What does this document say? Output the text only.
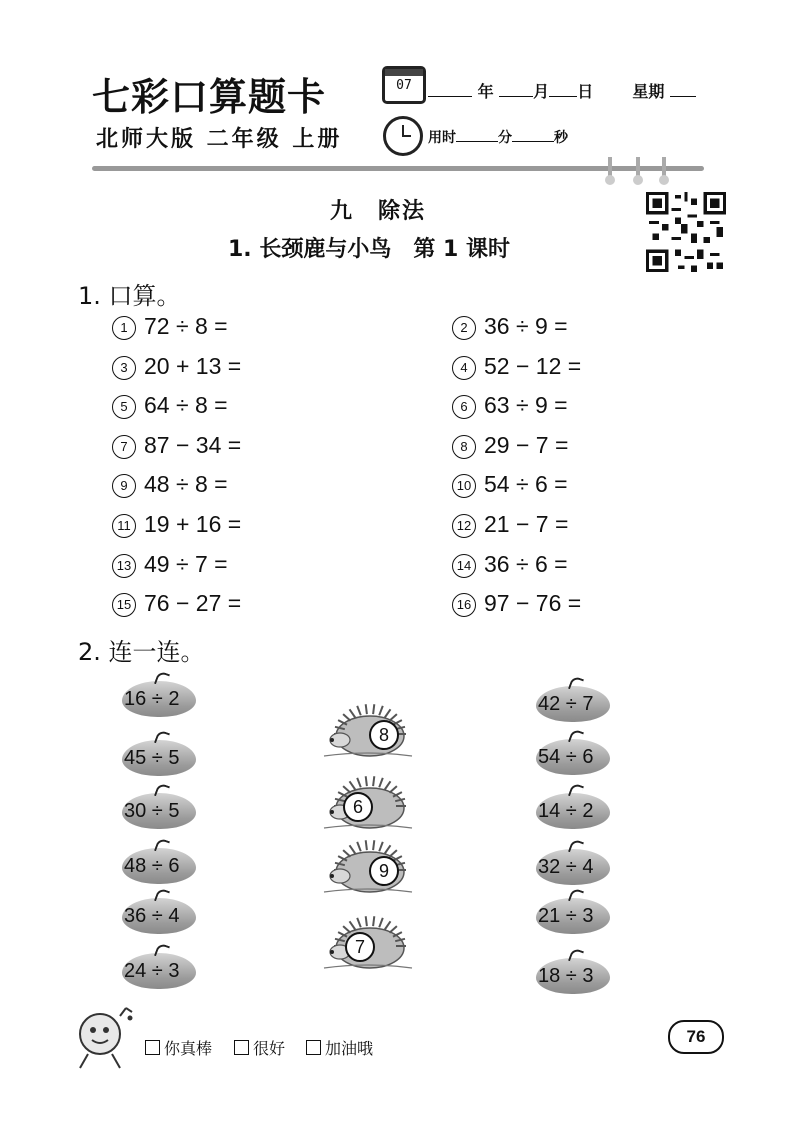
七彩口算题卡
北师大版 二年级 上册
07	年 月 日 星期
用时	分	秒
九　除法
1. 长颈鹿与小鸟　第 1 课时
1. 口算。
1 72 ÷ 8 =	2 36 ÷ 9 =
3 20 + 13 =	4 52 − 12 =
5 64 ÷ 8 =	6 63 ÷ 9 =
7 87 − 34 =	8 29 − 7 =
9 48 ÷ 8 =	10 54 ÷ 6 =
11 19 + 16 =	12 21 − 7 =
13 49 ÷ 7 =	14 36 ÷ 6 =
15 76 − 27 =	16 97 − 76 =
2. 连一连。
16 ÷ 2
45 ÷ 5
30 ÷ 5
48 ÷ 6
36 ÷ 4
24 ÷ 3
42 ÷ 7
54 ÷ 6
14 ÷ 2
32 ÷ 4
21 ÷ 3
18 ÷ 3
8
6
9
7
你真棒	很好	加油哦
76
